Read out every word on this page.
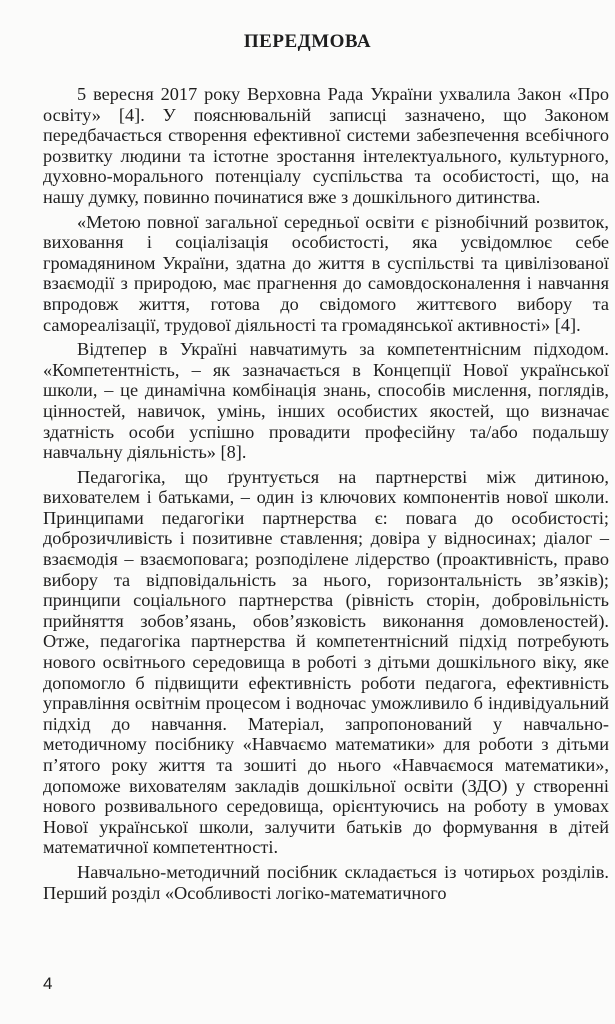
ПЕРЕДМОВА

5 вересня 2017 року Верховна Рада України ухвалила Закон «Про освіту» [4]. У пояснювальній записці зазначено, що Законом передбачається створення ефективної системи забезпечення всебічного розвитку людини та істотне зростання інтелектуального, культурного, духовно-морального потенціалу суспільства та особистості, що, на нашу думку, повинно починатися вже з дошкільного дитинства.

«Метою повної загальної середньої освіти є різнобічний розвиток, виховання і соціалізація особистості, яка усвідомлює себе громадянином України, здатна до життя в суспільстві та цивілізованої взаємодії з природою, має прагнення до самовдосконалення і навчання впродовж життя, готова до свідомого життєвого вибору та самореалізації, трудової діяльності та громадянської активності» [4].

Відтепер в Україні навчатимуть за компетентнісним підходом. «Компетентність, – як зазначається в Концепції Нової української школи, – це динамічна комбінація знань, способів мислення, поглядів, цінностей, навичок, умінь, інших особистих якостей, що визначає здатність особи успішно провадити професійну та/або подальшу навчальну діяльність» [8].

Педагогіка, що ґрунтується на партнерстві між дитиною, вихователем і батьками, – один із ключових компонентів нової школи. Принципами педагогіки партнерства є: повага до особистості; доброзичливість і позитивне ставлення; довіра у відносинах; діалог – взаємодія – взаємоповага; розподілене лідерство (проактивність, право вибору та відповідальність за нього, горизонтальність зв’язків); принципи соціального партнерства (рівність сторін, добровільність прийняття зобов’язань, обов’язковість виконання домовленостей). Отже, педагогіка партнерства й компетентнісний підхід потребують нового освітнього середовища в роботі з дітьми дошкільного віку, яке допомогло б підвищити ефективність роботи педагога, ефективність управління освітнім процесом і водночас уможливило б індивідуальний підхід до навчання. Матеріал, запропонований у навчально-методичному посібнику «Навчаємо математики» для роботи з дітьми п’ятого року життя та зошиті до нього «Навчаємося математики», допоможе вихователям закладів дошкільної освіти (ЗДО) у створенні нового розвивального середовища, орієнтуючись на роботу в умовах Нової української школи, залучити батьків до формування в дітей математичної компетентності.

Навчально-методичний посібник складається із чотирьох розділів. Перший розділ «Особливості логіко-математичного

4
